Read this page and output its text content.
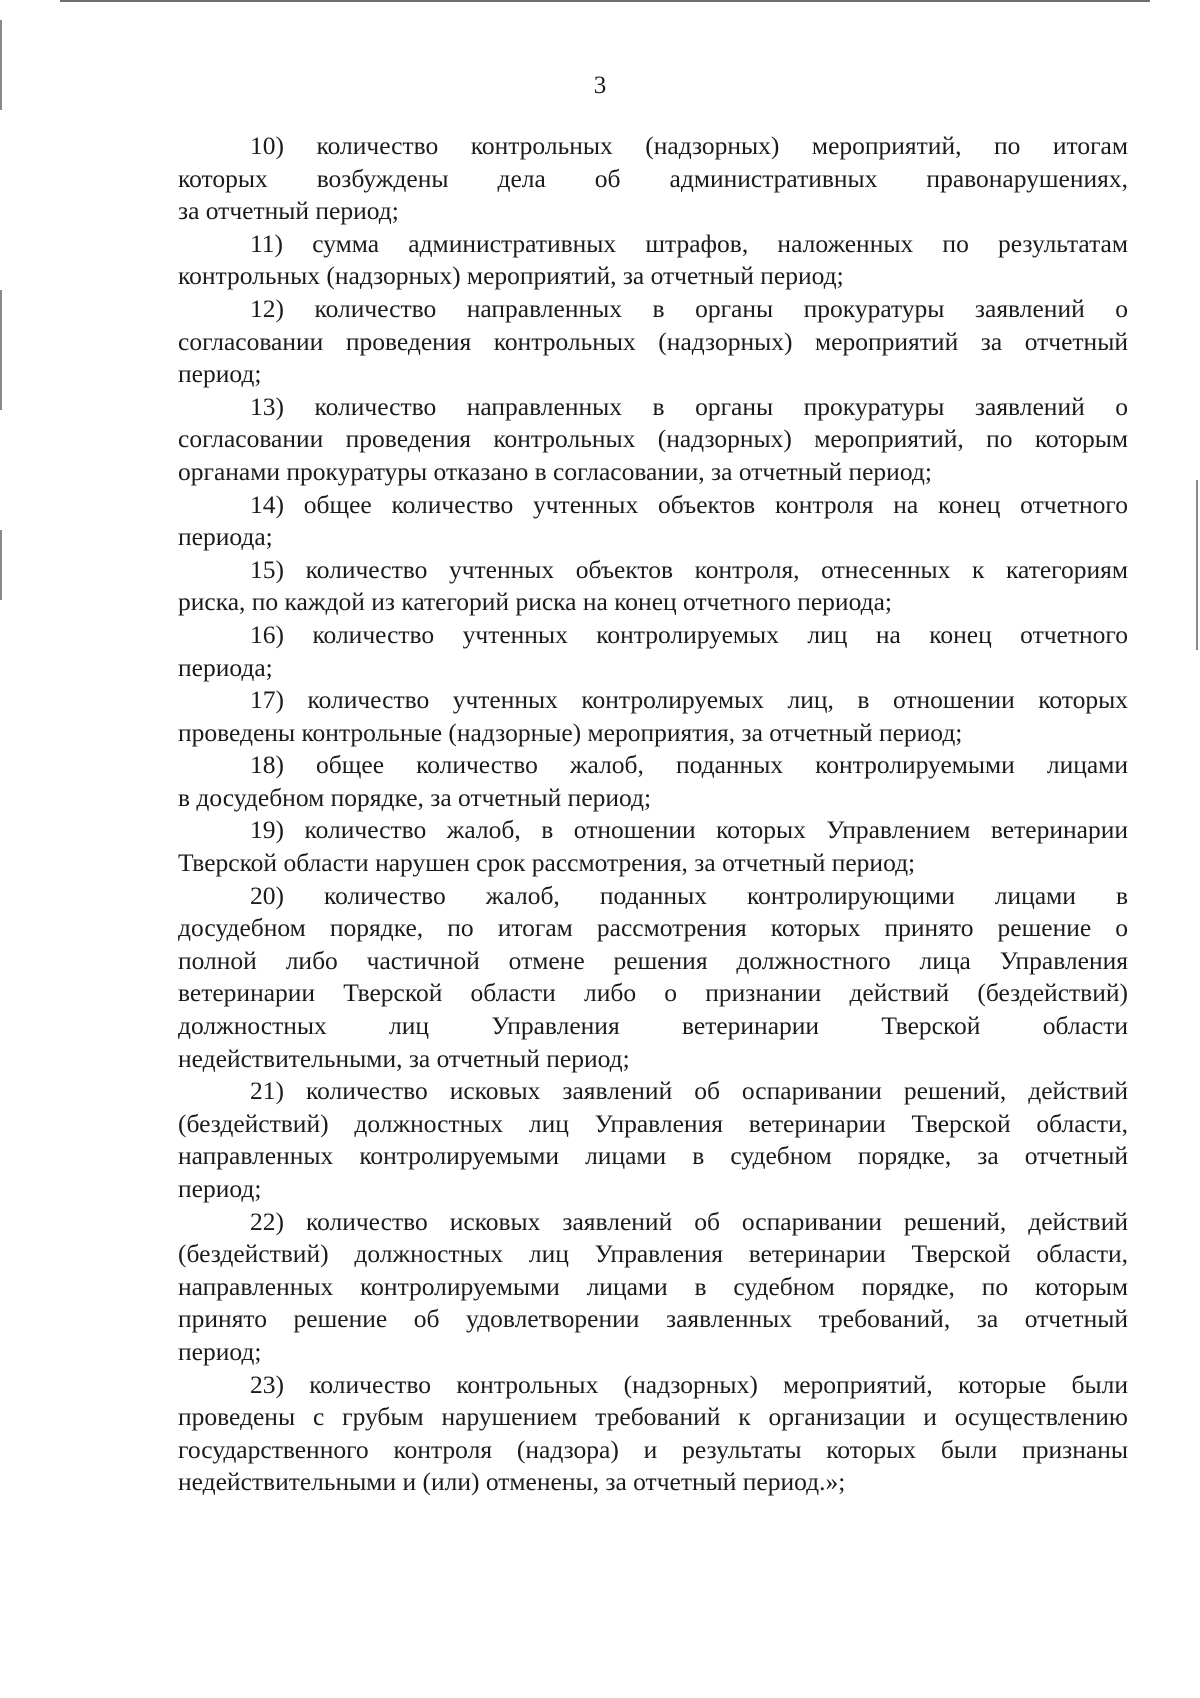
3
10) количество контрольных (надзорных) мероприятий, по итогам
которых возбуждены дела об административных правонарушениях,
за отчетный период;
11) сумма административных штрафов, наложенных по результатам
контрольных (надзорных) мероприятий, за отчетный период;
12) количество направленных в органы прокуратуры заявлений о
согласовании проведения контрольных (надзорных) мероприятий за отчетный
период;
13) количество направленных в органы прокуратуры заявлений о
согласовании проведения контрольных (надзорных) мероприятий, по которым
органами прокуратуры отказано в согласовании, за отчетный период;
14) общее количество учтенных объектов контроля на конец отчетного
периода;
15) количество учтенных объектов контроля, отнесенных к категориям
риска, по каждой из категорий риска на конец отчетного периода;
16) количество учтенных контролируемых лиц на конец отчетного
периода;
17) количество учтенных контролируемых лиц, в отношении которых
проведены контрольные (надзорные) мероприятия, за отчетный период;
18) общее количество жалоб, поданных контролируемыми лицами
в досудебном порядке, за отчетный период;
19) количество жалоб, в отношении которых Управлением ветеринарии
Тверской области нарушен срок рассмотрения, за отчетный период;
20) количество жалоб, поданных контролирующими лицами в
досудебном порядке, по итогам рассмотрения которых принято решение о
полной либо частичной отмене решения должностного лица Управления
ветеринарии Тверской области либо о признании действий (бездействий)
должностных лиц Управления ветеринарии Тверской области
недействительными, за отчетный период;
21) количество исковых заявлений об оспаривании решений, действий
(бездействий) должностных лиц Управления ветеринарии Тверской области,
направленных контролируемыми лицами в судебном порядке, за отчетный
период;
22) количество исковых заявлений об оспаривании решений, действий
(бездействий) должностных лиц Управления ветеринарии Тверской области,
направленных контролируемыми лицами в судебном порядке, по которым
принято решение об удовлетворении заявленных требований, за отчетный
период;
23) количество контрольных (надзорных) мероприятий, которые были
проведены с грубым нарушением требований к организации и осуществлению
государственного контроля (надзора) и результаты которых были признаны
недействительными и (или) отменены, за отчетный период.»;
